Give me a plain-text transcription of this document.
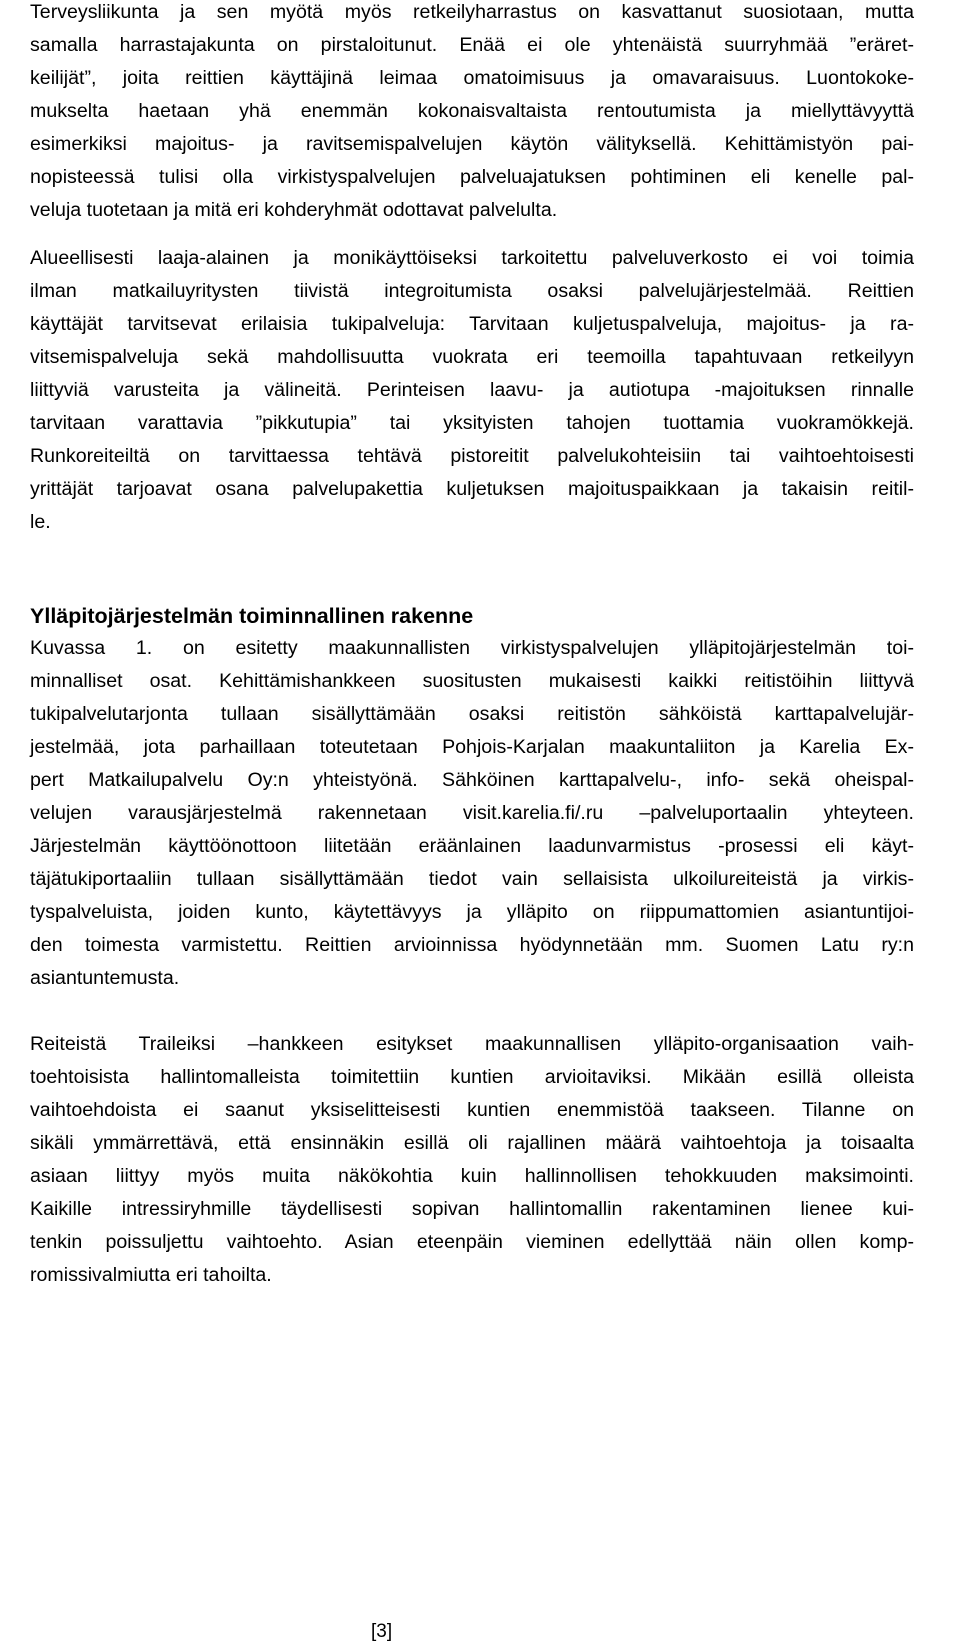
Terveysliikunta ja sen myötä myös retkeilyharrastus on kasvattanut suosiotaan, mutta
samalla harrastajakunta on pirstaloitunut. Enää ei ole yhtenäistä suurryhmää ”eräret-
keilijät”, joita reittien käyttäjinä leimaa omatoimisuus ja omavaraisuus. Luontokoke-
mukselta haetaan yhä enemmän kokonaisvaltaista rentoutumista ja miellyttävyyttä
esimerkiksi majoitus- ja ravitsemispalvelujen käytön välityksellä. Kehittämistyön pai-
nopisteessä tulisi olla virkistyspalvelujen palveluajatuksen pohtiminen eli kenelle pal-
veluja tuotetaan ja mitä eri kohderyhmät odottavat palvelulta.
Alueellisesti laaja-alainen ja monikäyttöiseksi tarkoitettu palveluverkosto ei voi toimia
ilman matkailuyritysten tiivistä integroitumista osaksi palvelujärjestelmää. Reittien
käyttäjät tarvitsevat erilaisia tukipalveluja: Tarvitaan kuljetuspalveluja, majoitus- ja ra-
vitsemispalveluja sekä mahdollisuutta vuokrata eri teemoilla tapahtuvaan retkeilyyn
liittyviä varusteita ja välineitä. Perinteisen laavu- ja autiotupa -majoituksen rinnalle
tarvitaan varattavia ”pikkutupia” tai yksityisten tahojen tuottamia vuokramökkejä.
Runkoreiteiltä on tarvittaessa tehtävä pistoreitit palvelukohteisiin tai vaihtoehtoisesti
yrittäjät tarjoavat osana palvelupakettia kuljetuksen majoituspaikkaan ja takaisin reitil-
le.
Ylläpitojärjestelmän toiminnallinen rakenne
Kuvassa 1. on esitetty maakunnallisten virkistyspalvelujen ylläpitojärjestelmän toi-
minnalliset osat. Kehittämishankkeen suositusten mukaisesti kaikki reitistöihin liittyvä
tukipalvelutarjonta tullaan sisällyttämään osaksi reitistön sähköistä karttapalvelujär-
jestelmää, jota parhaillaan toteutetaan Pohjois-Karjalan maakuntaliiton ja Karelia Ex-
pert Matkailupalvelu Oy:n yhteistyönä. Sähköinen karttapalvelu-, info- sekä oheispal-
velujen varausjärjestelmä rakennetaan visit.karelia.fi/.ru –palveluportaalin yhteyteen.
Järjestelmän käyttöönottoon liitetään eräänlainen laadunvarmistus -prosessi eli käyt-
täjätukiportaaliin tullaan sisällyttämään tiedot vain sellaisista ulkoilureiteistä ja virkis-
tyspalveluista, joiden kunto, käytettävyys ja ylläpito on riippumattomien asiantuntijoi-
den toimesta varmistettu. Reittien arvioinnissa hyödynnetään mm. Suomen Latu ry:n
asiantuntemusta.
Reiteistä Traileiksi –hankkeen esitykset maakunnallisen ylläpito-organisaation vaih-
toehtoisista hallintomalleista toimitettiin kuntien arvioitaviksi. Mikään esillä olleista
vaihtoehdoista ei saanut yksiselitteisesti kuntien enemmistöä taakseen. Tilanne on
sikäli ymmärrettävä, että ensinnäkin esillä oli rajallinen määrä vaihtoehtoja ja toisaalta
asiaan liittyy myös muita näkökohtia kuin hallinnollisen tehokkuuden maksimointi.
Kaikille intressiryhmille täydellisesti sopivan hallintomallin rakentaminen lienee kui-
tenkin poissuljettu vaihtoehto. Asian eteenpäin vieminen edellyttää näin ollen komp-
romissivalmiutta eri tahoilta.
[3]
